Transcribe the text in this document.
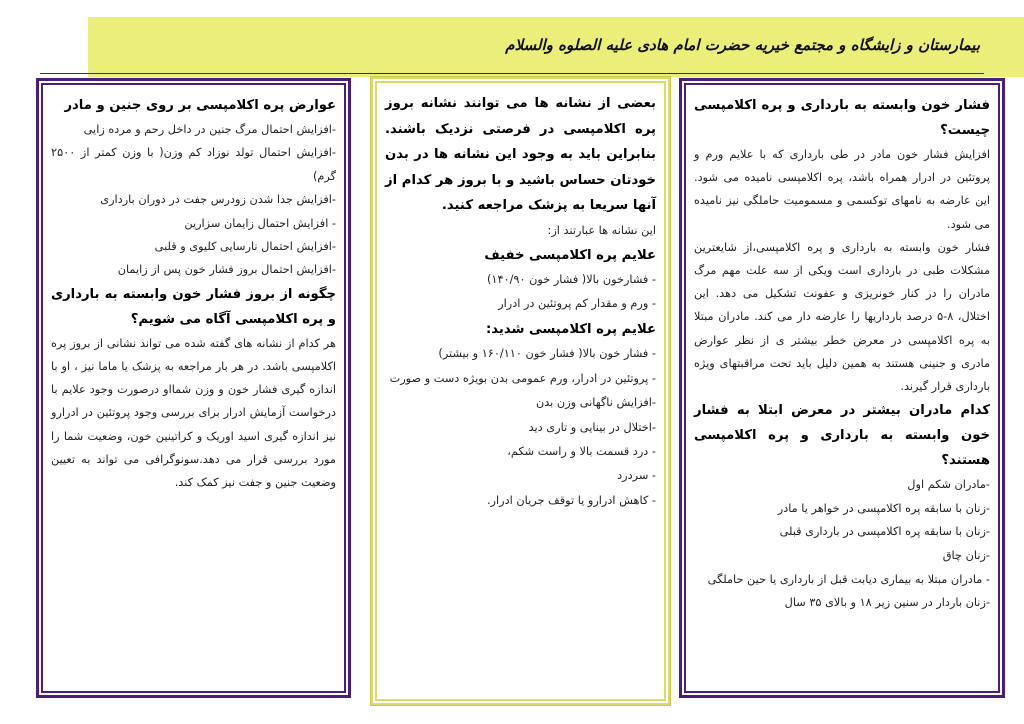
بیمارستان و زایشگاه و مجتمع خیریه حضرت امام هادی علیه الصلوه والسلام

فشار خون وابسته به بارداری و پره اکلامپسی چیست؟

افزایش فشار خون مادر در طی بارداری که با علایم ورم و پروتئین در ادرار همراه باشد، پره اکلامپسی نامیده می شود. این عارضه به نامهای توکسمی و مسمومیت حاملگی نیز نامیده می شود.

فشار خون وابسته به بارداری و پره اکلامپسی،از شایعترین مشکلات طبی در بارداری است ویکی از سه علت مهم مرگ مادران را در کنار خونریزی و عفونت تشکیل می دهد. این اختلال، ۸-۵ درصد بارداریها را عارضه دار می کند. مادران مبتلا به پره اکلامپسی در معرض خطر بیشتر ی از نظر عوارض مادری و جنینی هستند به همین دلیل باید تحت مراقبتهای ویژه بارداری قرار گیرند.

کدام مادران بیشتر در معرض ابتلا به فشار خون وابسته به بارداری و پره اکلامپسی هستند؟

-مادران شکم اول

-زنان با سابقه پره اکلامپسی در خواهر یا مادر

-زنان با سابقه پره اکلامپسی در بارداری قبلی

-زنان چاق

- مادران مبتلا به بیماری دیابت قبل از بارداری یا حین حاملگی

-زنان باردار در سنین زیر ۱۸ و بالای ۳۵ سال

بعضی از نشانه ها می توانند نشانه بروز پره اکلامپسی در فرصتی نزدیک باشند. بنابراین باید به وجود این نشانه ها در بدن خودتان حساس باشید و با بروز هر کدام از آنها سریعا به پزشک مراجعه کنید.

این نشانه ها عبارتند از:

علایم پره اکلامپسی خفیف

- فشارخون بالا( فشار خون ۱۴۰/۹۰)

- ورم و مقدار کم پروتئین در ادرار

علایم پره اکلامپسی شدید:

- فشار خون بالا( فشار خون ۱۶۰/۱۱۰ و بیشتر)

- پروتئین در ادرار، ورم عمومی بدن بویژه دست و صورت

-افزایش ناگهانی وزن بدن

-اختلال در بینایی و تاری دید

- درد قسمت بالا و راست شکم،

- سردرد

- کاهش ادرارو یا توقف جریان ادرار.

عوارض پره اکلامپسی بر روی جنین و مادر

-افزایش احتمال مرگ جنین در داخل رحم و مرده زایی

-افزایش احتمال تولد نوزاد کم وزن( با وزن کمتر از ۲۵۰۰ گرم)

-افزایش جدا شدن زودرس جفت در دوران بارداری

- افزایش احتمال زایمان سزارین

-افزایش احتمال نارسایی کلیوی و قلبی

-افزایش احتمال بروز فشار خون پس از زایمان

چگونه از بروز فشار خون وابسته به بارداری و پره اکلامپسی آگاه می شویم؟

هر کدام از نشانه های گفته شده می تواند نشانی از بروز پره اکلامپسی باشد. در هر بار مراجعه به پزشک یا ماما نیز ، او با اندازه گیری فشار خون و وزن شمااو درصورت وجود علایم با درخواست آزمایش ادرار برای بررسی وجود پروتئین در ادرارو نیز اندازه گیری اسید اوریک و کراتینین خون، وضعیت شما را مورد بررسی قرار می دهد.سونوگرافی می تواند به تعیین وضعیت جنین و جفت نیز کمک کند.
